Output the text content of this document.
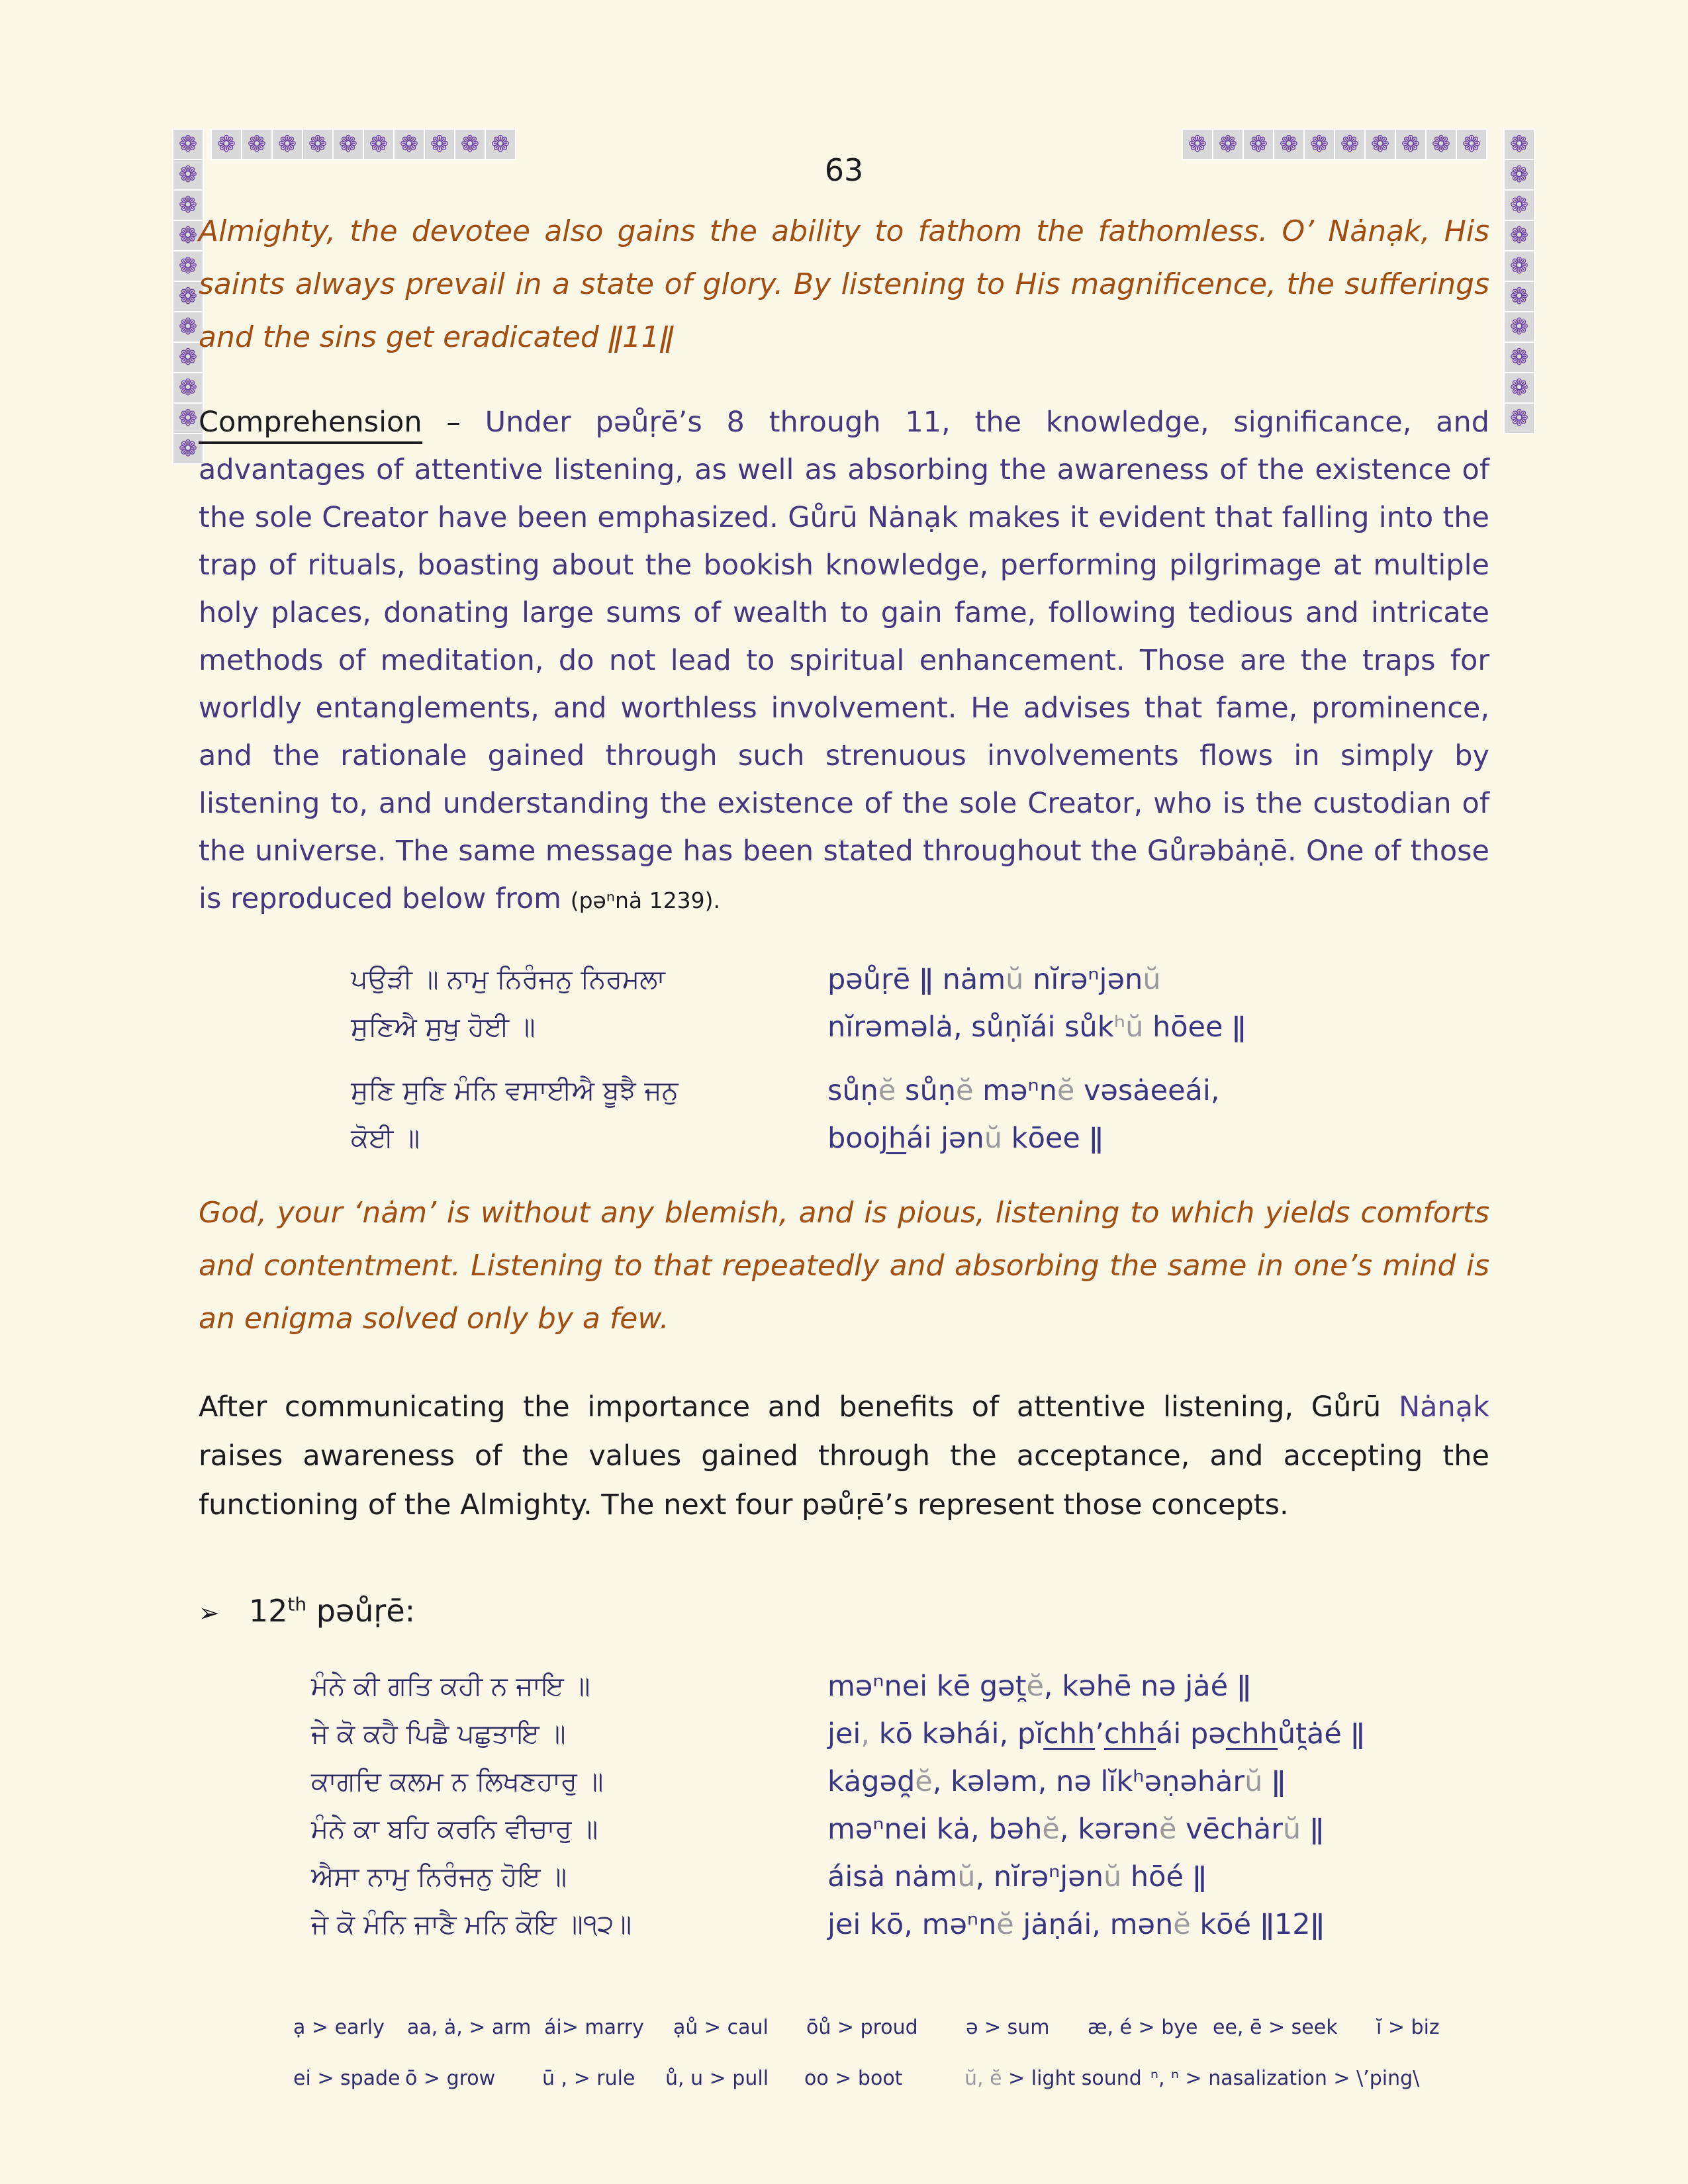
❁ ❁ ❁ ❁ ❁ ❁ ❁ ❁ ❁ ❁	❁ ❁ ❁ ❁ ❁ ❁ ❁ ❁ ❁ ❁
❁
❁
❁
❁
❁
❁
❁
❁
❁
❁
❁
❁
❁
❁
❁
❁
❁
❁
❁
❁
❁
63

Almighty, the devotee also gains the ability to fathom the fathomless. O’ Nȧnạk, His saints always prevail in a state of glory. By listening to His magnificence, the sufferings and the sins get eradicated ǁ11ǁ

Comprehension – Under pəůṛē’s 8 through 11, the knowledge, significance, and advantages of attentive listening, as well as absorbing the awareness of the existence of the sole Creator have been emphasized. Gůrū Nȧnạk makes it evident that falling into the trap of rituals, boasting about the bookish knowledge, performing pilgrimage at multiple holy places, donating large sums of wealth to gain fame, following tedious and intricate methods of meditation, do not lead to spiritual enhancement. Those are the traps for worldly entanglements, and worthless involvement. He advises that fame, prominence, and the rationale gained through such strenuous involvements flows in simply by listening to, and understanding the existence of the sole Creator, who is the custodian of the universe. The same message has been stated throughout the Gůrəbȧṇē. One of those is reproduced below from (pəⁿnȧ 1239).

ਪਉੜੀ ॥ ਨਾਮੁ ਨਿਰੰਜਨੁ ਨਿਰਮਲਾ	pəůṛē ǁ nȧmŭ nĭrəⁿjənŭ
ਸੁਣਿਐ ਸੁਖੁ ਹੋਈ ॥	nĭrəməlȧ, sůṇĭái sůkʰŭ hōee ǁ
ਸੁਣਿ ਸੁਣਿ ਮੰਨਿ ਵਸਾਈਐ ਬੂਝੈ ਜਨੁ	sůṇĕ sůṇĕ məⁿnĕ vəsȧeeái,
ਕੋਈ ॥	boojhái jənŭ kōee ǁ

God, your ‘nȧm’ is without any blemish, and is pious, listening to which yields comforts and contentment. Listening to that repeatedly and absorbing the same in one’s mind is an enigma solved only by a few.

After communicating the importance and benefits of attentive listening, Gůrū Nȧnạk raises awareness of the values gained through the acceptance, and accepting the functioning of the Almighty. The next four pəůṛē’s represent those concepts.

➢ 12th pəůṛē:
ਮੰਨੇ ਕੀ ਗਤਿ ਕਹੀ ਨ ਜਾਇ ॥	məⁿnei kē gət̯ĕ, kəhē nə jȧé ǁ
ਜੇ ਕੋ ਕਹੈ ਪਿਛੈ ਪਛੁਤਾਇ ॥	jei, kō kəhái, pĭchh’chhái pəchhůt̯ȧé ǁ
ਕਾਗਦਿ ਕਲਮ ਨ ਲਿਖਣਹਾਰੁ ॥	kȧgəd̯ĕ, kələm, nə lĭkʰəṇəhȧrŭ ǁ
ਮੰਨੇ ਕਾ ਬਹਿ ਕਰਨਿ ਵੀਚਾਰੁ ॥	məⁿnei kȧ, bəhĕ, kərənĕ vēchȧrŭ ǁ
ਐਸਾ ਨਾਮੁ ਨਿਰੰਜਨੁ ਹੋਇ ॥	áisȧ nȧmŭ, nĭrəⁿjənŭ hōé ǁ
ਜੇ ਕੋ ਮੰਨਿ ਜਾਣੈ ਮਨਿ ਕੋਇ ॥੧੨॥	jei kō, məⁿnĕ jȧṇái, mənĕ kōé ǁ12ǁ
ạ > early	aa, ȧ, > arm ái> marry	ạů > caul	ōů > proud	ə > sum	æ, é > bye ee, ē > seek	ĭ > biz
ei > spade ō > grow	ū , > rule	ů, u > pull	oo > boot	ŭ, ĕ > light sound ⁿ, ⁿ > nasalization > \’ping\
